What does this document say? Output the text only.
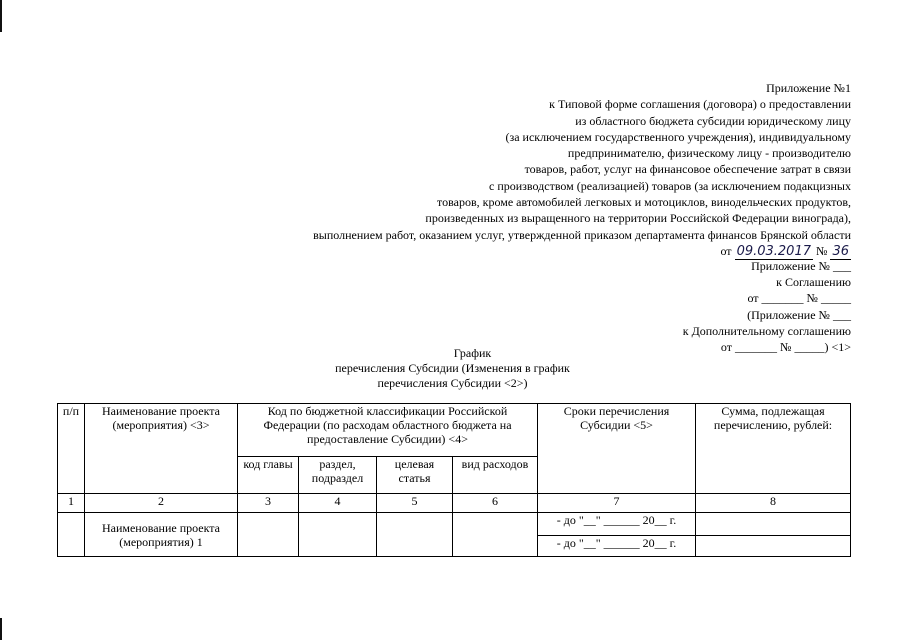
Приложение №1
к Типовой форме соглашения (договора) о предоставлении
из областного бюджета субсидии юридическому лицу
(за исключением государственного учреждения), индивидуальному
предпринимателю, физическому лицу - производителю
товаров, работ, услуг на финансовое обеспечение затрат в связи
с производством (реализацией) товаров (за исключением подакцизных
товаров, кроме автомобилей легковых и мотоциклов, винодельческих продуктов,
произведенных из выращенного на территории Российской Федерации винограда),
выполнением работ, оказанием услуг, утвержденной приказом департамента финансов Брянской области
от 09.03.2017 № 36
Приложение № ___
к Соглашению
от _______ № _____
(Приложение № ___
к Дополнительному соглашению
от _______ № _____) <1>
График
перечисления Субсидии (Изменения в график
перечисления Субсидии <2>)
п/п	Наименование проекта (мероприятия) <3>	Код по бюджетной классификации Российской Федерации (по расходам областного бюджета на предоставление Субсидии) <4>				Сроки перечисления Субсидии <5>	Сумма, подлежащая перечислению, рублей:
		код главы	раздел, подраздел	целевая статья	вид расходов		
1	2	3	4	5	6	7	8
	Наименование проекта (мероприятия) 1					- до "__" ______ 20__ г.	
						- до "__" ______ 20__ г.	
